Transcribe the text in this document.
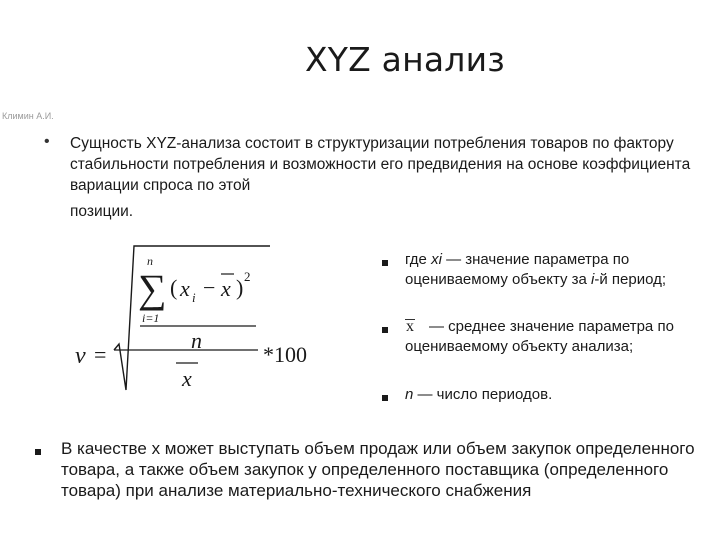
XYZ анализ
Климин А.И.
• Сущность XYZ-анализа состоит в структуризации потребления товаров по фактору стабильности потребления и возможности его предвидения на основе коэффициента вариации спроса по этой
позиции.
v =
n
∑
i=1
( x i − x ) 2
n
x
*100
где xi — значение параметра по оцениваемому объекту за i-й период;
x — среднее значение параметра по оцениваемому объекту анализа;
n — число периодов.
В качестве х может выступать объем продаж или объем закупок определенного товара, а также объем закупок у определенного поставщика (определенного товара) при анализе материально-технического снабжения
